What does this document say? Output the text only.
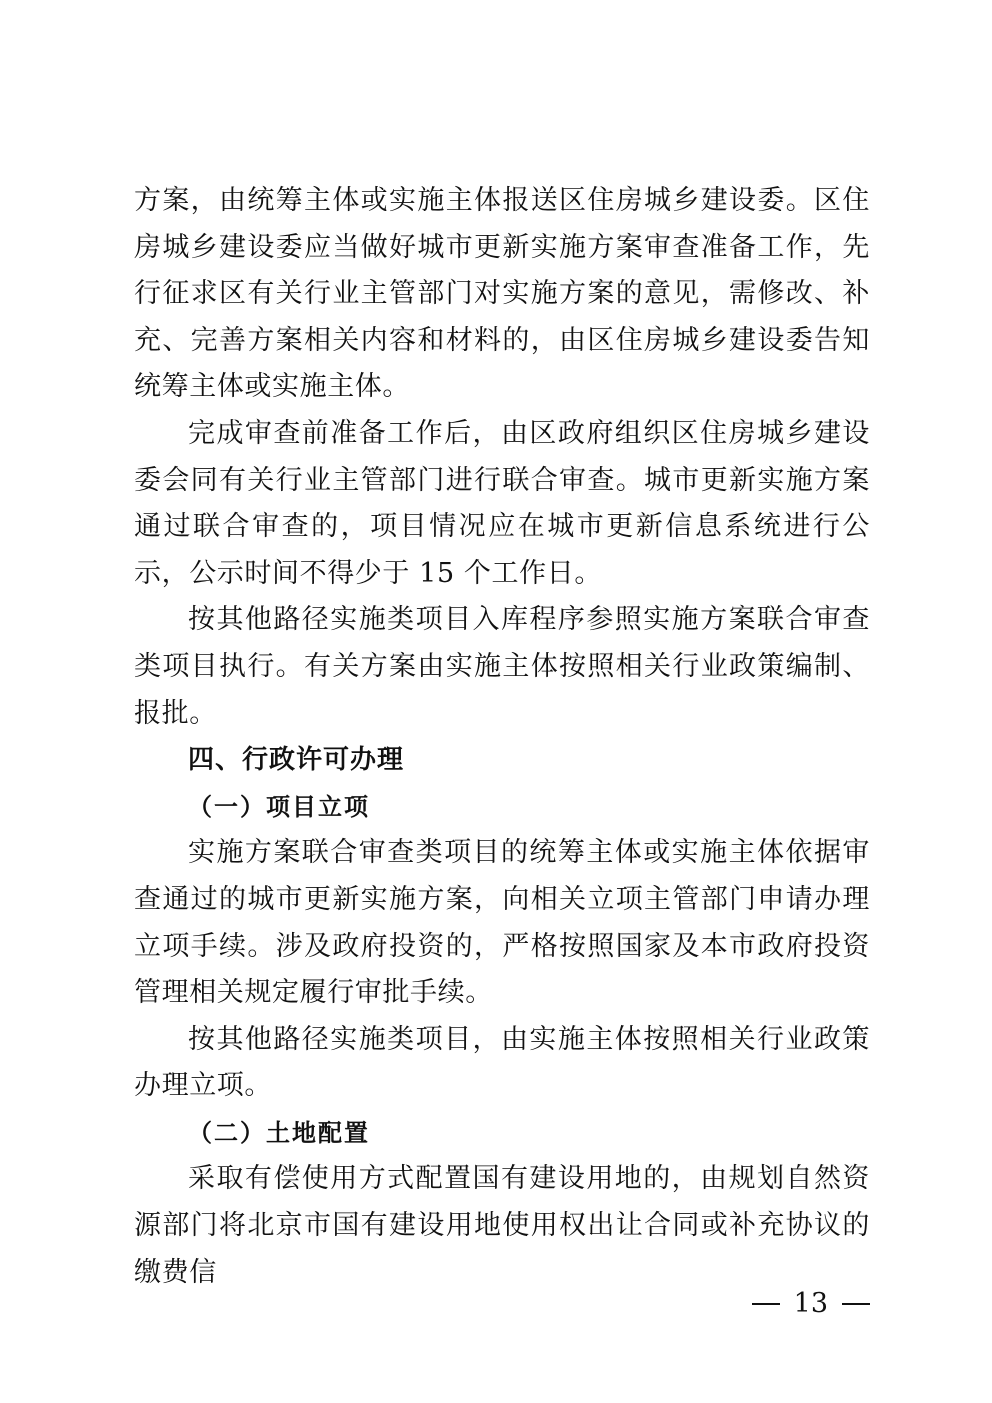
方案，由统筹主体或实施主体报送区住房城乡建设委。区住房城乡建设委应当做好城市更新实施方案审查准备工作，先行征求区有关行业主管部门对实施方案的意见，需修改、补充、完善方案相关内容和材料的，由区住房城乡建设委告知统筹主体或实施主体。

完成审查前准备工作后，由区政府组织区住房城乡建设委会同有关行业主管部门进行联合审查。城市更新实施方案通过联合审查的，项目情况应在城市更新信息系统进行公示，公示时间不得少于 15 个工作日。

按其他路径实施类项目入库程序参照实施方案联合审查类项目执行。有关方案由实施主体按照相关行业政策编制、报批。

四、行政许可办理
（一）项目立项

实施方案联合审查类项目的统筹主体或实施主体依据审查通过的城市更新实施方案，向相关立项主管部门申请办理立项手续。涉及政府投资的，严格按照国家及本市政府投资管理相关规定履行审批手续。

按其他路径实施类项目，由实施主体按照相关行业政策办理立项。

（二）土地配置

采取有偿使用方式配置国有建设用地的，由规划自然资源部门将北京市国有建设用地使用权出让合同或补充协议的缴费信

13
